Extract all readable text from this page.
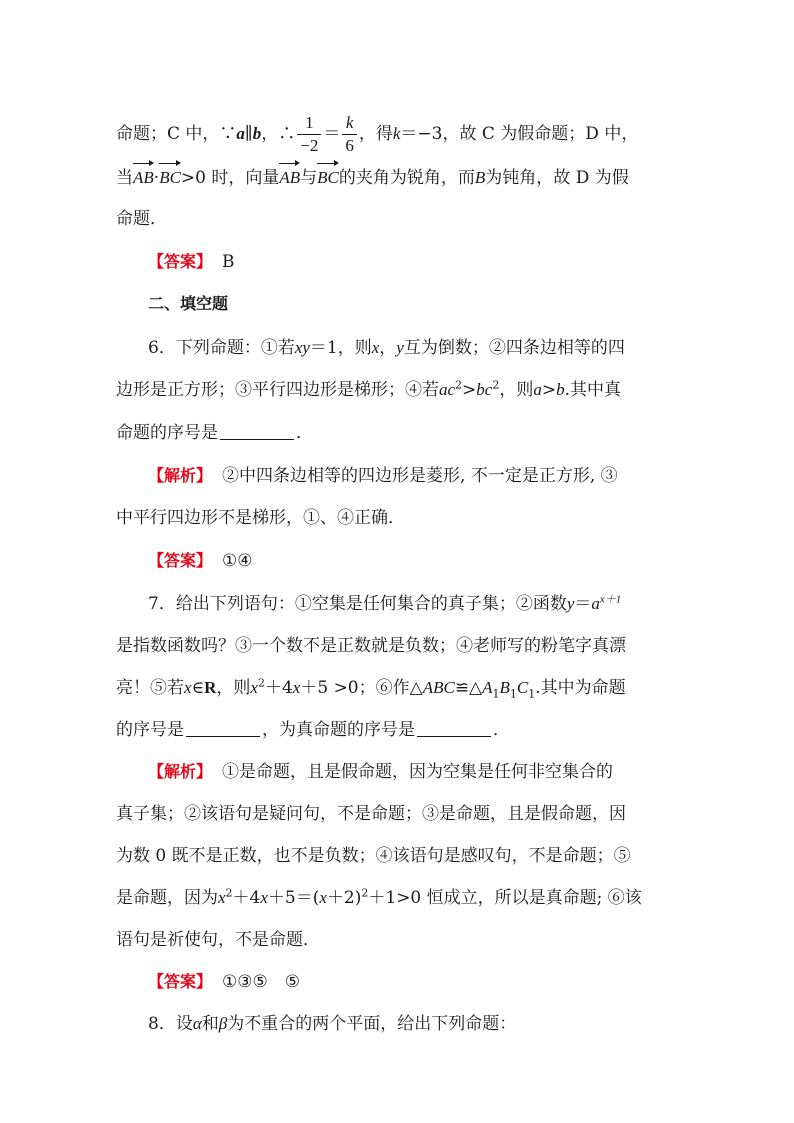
命题；C 中，∵a∥b，∴ $\frac{1}{-2} = \frac{k}{6}$ ，得k＝−3，故 C 为假命题；D 中，
当AB·BC>0 时，向量AB与BC的夹角为锐角，而B为钝角，故 D 为假
命题．
【答案】 B
二、填空题
6．下列命题：①若xy＝1，则x，y互为倒数；②四条边相等的四
边形是正方形；③平行四边形是梯形；④若$ac^2>bc^2$，则a>b.其中真
命题的序号是	．
【解析】 ②中四条边相等的四边形是菱形, 不一定是正方形, ③
中平行四边形不是梯形，①、④正确．
【答案】 ①④
7．给出下列语句：①空集是任何集合的真子集；②函数$y=a^{x+1}$
是指数函数吗？③一个数不是正数就是负数；④老师写的粉笔字真漂
亮！⑤若x∈R，则$x^2+4x+5 >0$；⑥作$\triangle ABC≌\triangle A_1B_1C_1$.其中为命题
的序号是	，为真命题的序号是	．
【解析】 ①是命题，且是假命题，因为空集是任何非空集合的
真子集；②该语句是疑问句，不是命题；③是命题，且是假命题，因
为数 0 既不是正数，也不是负数；④该语句是感叹句，不是命题；⑤
是命题，因为$x^2+4x+5=(x+2)^2+1>0$ 恒成立，所以是真命题; ⑥该
语句是祈使句，不是命题．
【答案】 ①③⑤　⑤
8．设α和β为不重合的两个平面，给出下列命题：
